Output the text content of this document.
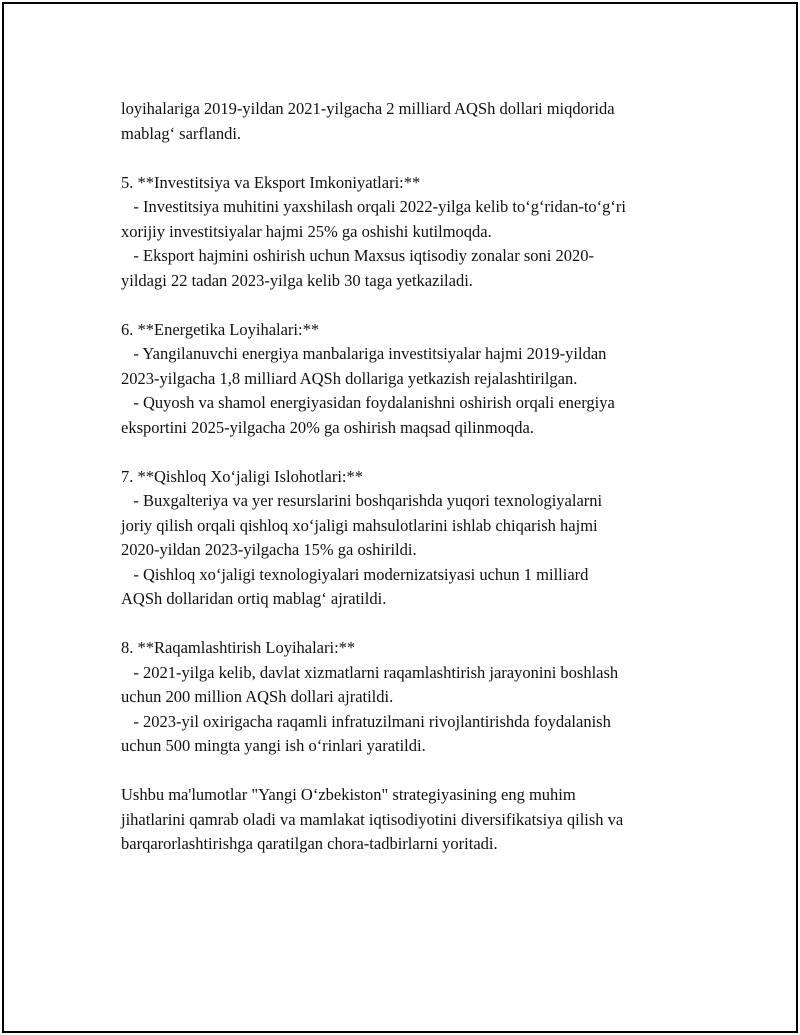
loyihalariga 2019-yildan 2021-yilgacha 2 milliard AQSh dollari miqdorida
mablag‘ sarflandi.
5. **Investitsiya va Eksport Imkoniyatlari:**
- Investitsiya muhitini yaxshilash orqali 2022-yilga kelib to‘g‘ridan-to‘g‘ri
xorijiy investitsiyalar hajmi 25% ga oshishi kutilmoqda.
- Eksport hajmini oshirish uchun Maxsus iqtisodiy zonalar soni 2020-
yildagi 22 tadan 2023-yilga kelib 30 taga yetkaziladi.
6. **Energetika Loyihalari:**
- Yangilanuvchi energiya manbalariga investitsiyalar hajmi 2019-yildan
2023-yilgacha 1,8 milliard AQSh dollariga yetkazish rejalashtirilgan.
- Quyosh va shamol energiyasidan foydalanishni oshirish orqali energiya
eksportini 2025-yilgacha 20% ga oshirish maqsad qilinmoqda.
7. **Qishloq Xo‘jaligi Islohotlari:**
- Buxgalteriya va yer resurslarini boshqarishda yuqori texnologiyalarni
joriy qilish orqali qishloq xo‘jaligi mahsulotlarini ishlab chiqarish hajmi
2020-yildan 2023-yilgacha 15% ga oshirildi.
- Qishloq xo‘jaligi texnologiyalari modernizatsiyasi uchun 1 milliard
AQSh dollaridan ortiq mablag‘ ajratildi.
8. **Raqamlashtirish Loyihalari:**
- 2021-yilga kelib, davlat xizmatlarni raqamlashtirish jarayonini boshlash
uchun 200 million AQSh dollari ajratildi.
- 2023-yil oxirigacha raqamli infratuzilmani rivojlantirishda foydalanish
uchun 500 mingta yangi ish o‘rinlari yaratildi.
Ushbu ma'lumotlar "Yangi O‘zbekiston" strategiyasining eng muhim
jihatlarini qamrab oladi va mamlakat iqtisodiyotini diversifikatsiya qilish va
barqarorlashtirishga qaratilgan chora-tadbirlarni yoritadi.
